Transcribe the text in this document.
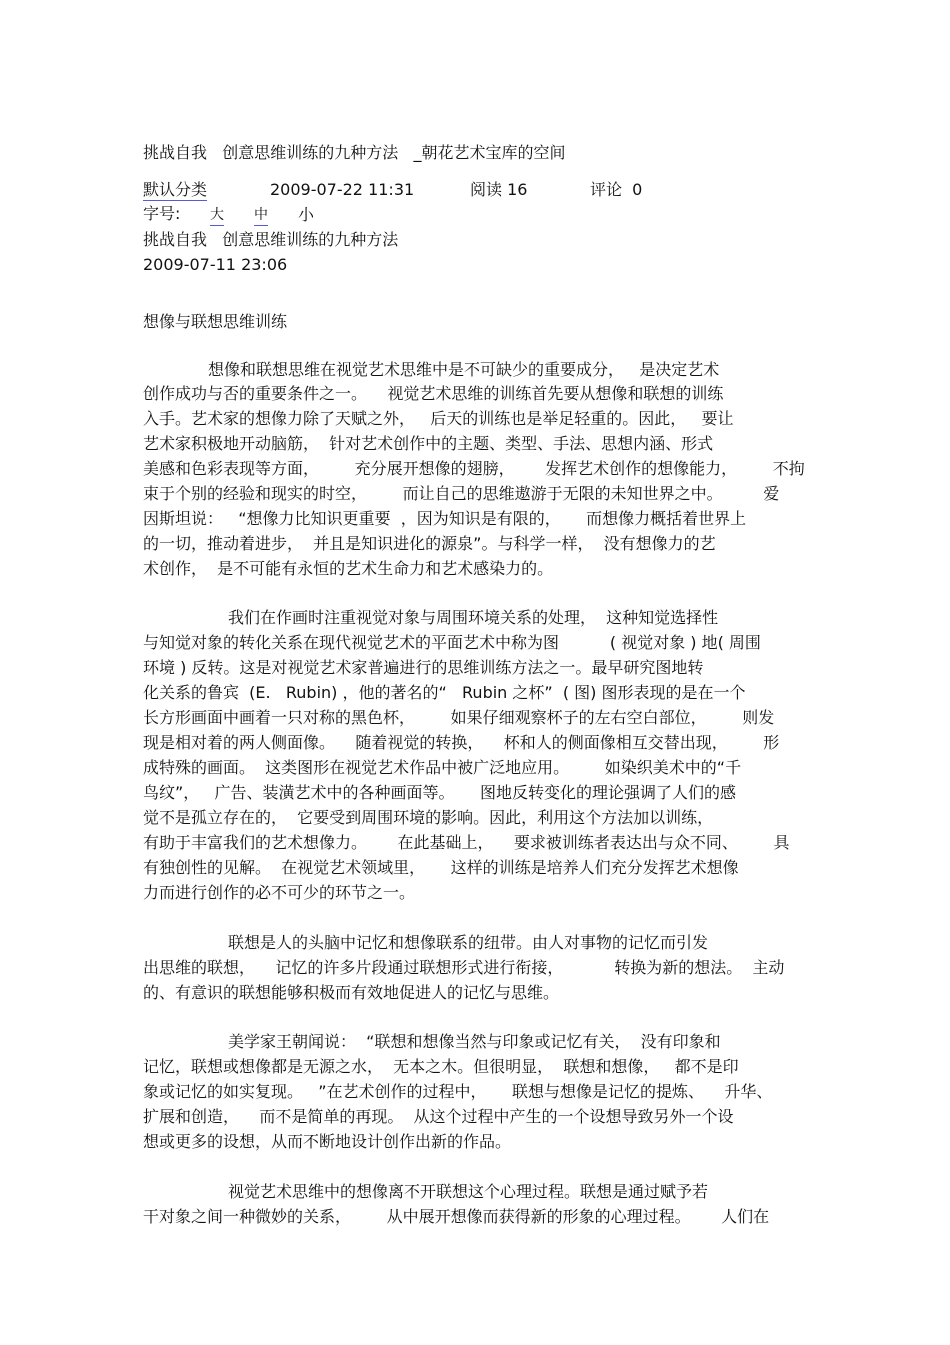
挑战自我   创意思维训练的九种方法   _朝花艺术宝库的空间
默认分类	2009-07-22 11:31	阅读 16	评论  0
字号: 大 中 小
挑战自我   创意思维训练的九种方法
2009-07-11 23:06
想像与联想思维训练
想像和联想思维在视觉艺术思维中是不可缺少的重要成分，   是决定艺术
创作成功与否的重要条件之一。    视觉艺术思维的训练首先要从想像和联想的训练
入手。艺术家的想像力除了天赋之外，   后天的训练也是举足轻重的。因此，   要让
艺术家积极地开动脑筋，  针对艺术创作中的主题、类型、手法、思想内涵、形式
美感和色彩表现等方面，       充分展开想像的翅膀，      发挥艺术创作的想像能力，       不拘
束于个别的经验和现实的时空，       而让自己的思维遨游于无限的未知世界之中。        爱
因斯坦说：   “想像力比知识更重要  ，因为知识是有限的，     而想像力概括着世界上
的一切，推动着进步，  并且是知识进化的源泉”。与科学一样，  没有想像力的艺
术创作，  是不可能有永恒的艺术生命力和艺术感染力的。
我们在作画时注重视觉对象与周围环境关系的处理，  这种知觉选择性
与知觉对象的转化关系在现代视觉艺术的平面艺术中称为图          ( 视觉对象 ) 地( 周围
环境 ) 反转。这是对视觉艺术家普遍进行的思维训练方法之一。最早研究图地转
化关系的鲁宾  (E.   Rubin) ，他的著名的“   Rubin 之杯”  ( 图) 图形表现的是在一个
长方形画面中画着一只对称的黑色杯，       如果仔细观察杯子的左右空白部位，       则发
现是相对着的两人侧面像。    随着视觉的转换，    杯和人的侧面像相互交替出现，       形
成特殊的画面。  这类图形在视觉艺术作品中被广泛地应用。       如染织美术中的“千
鸟纹”，   广告、装潢艺术中的各种画面等。     图地反转变化的理论强调了人们的感
觉不是孤立存在的，  它要受到周围环境的影响。因此，利用这个方法加以训练，
有助于丰富我们的艺术想像力。      在此基础上，    要求被训练者表达出与众不同、       具
有独创性的见解。  在视觉艺术领域里，     这样的训练是培养人们充分发挥艺术想像
力而进行创作的必不可少的环节之一。
联想是人的头脑中记忆和想像联系的纽带。由人对事物的记忆而引发
出思维的联想，    记忆的许多片段通过联想形式进行衔接，          转换为新的想法。  主动
的、有意识的联想能够积极而有效地促进人的记忆与思维。
美学家王朝闻说：  “联想和想像当然与印象或记忆有关，  没有印象和
记忆，联想或想像都是无源之水，  无本之木。但很明显，  联想和想像，   都不是印
象或记忆的如实复现。   ”在艺术创作的过程中，     联想与想像是记忆的提炼、    升华、
扩展和创造，    而不是简单的再现。  从这个过程中产生的一个设想导致另外一个设
想或更多的设想，从而不断地设计创作出新的作品。
视觉艺术思维中的想像离不开联想这个心理过程。联想是通过赋予若
干对象之间一种微妙的关系，       从中展开想像而获得新的形象的心理过程。      人们在
